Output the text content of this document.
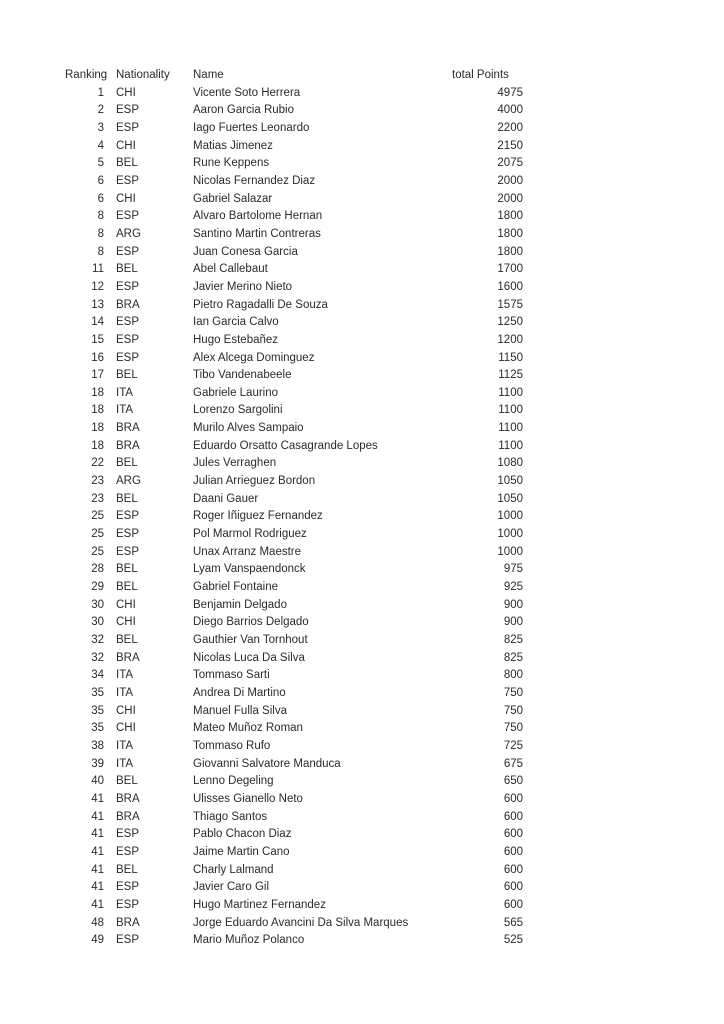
Ranking Nationality	Name	total Points
1	CHI	Vicente Soto Herrera	4975
2	ESP	Aaron Garcia Rubio	4000
3	ESP	Iago Fuertes Leonardo	2200
4	CHI	Matias Jimenez	2150
5	BEL	Rune Keppens	2075
6	ESP	Nicolas Fernandez Diaz	2000
6	CHI	Gabriel Salazar	2000
8	ESP	Alvaro Bartolome Hernan	1800
8	ARG	Santino Martin Contreras	1800
8	ESP	Juan Conesa Garcia	1800
11	BEL	Abel Callebaut	1700
12	ESP	Javier Merino Nieto	1600
13	BRA	Pietro Ragadalli De Souza	1575
14	ESP	Ian Garcia Calvo	1250
15	ESP	Hugo Estebañez	1200
16	ESP	Alex Alcega Dominguez	1150
17	BEL	Tibo Vandenabeele	1125
18	ITA	Gabriele Laurino	1100
18	ITA	Lorenzo Sargolini	1100
18	BRA	Murilo Alves Sampaio	1100
18	BRA	Eduardo Orsatto Casagrande Lopes	1100
22	BEL	Jules Verraghen	1080
23	ARG	Julian Arrieguez Bordon	1050
23	BEL	Daani Gauer	1050
25	ESP	Roger Iñiguez Fernandez	1000
25	ESP	Pol Marmol Rodriguez	1000
25	ESP	Unax Arranz Maestre	1000
28	BEL	Lyam Vanspaendonck	975
29	BEL	Gabriel Fontaine	925
30	CHI	Benjamin Delgado	900
30	CHI	Diego Barrios Delgado	900
32	BEL	Gauthier Van Tornhout	825
32	BRA	Nicolas Luca Da Silva	825
34	ITA	Tommaso Sarti	800
35	ITA	Andrea Di Martino	750
35	CHI	Manuel Fulla Silva	750
35	CHI	Mateo Muñoz Roman	750
38	ITA	Tommaso Rufo	725
39	ITA	Giovanni Salvatore Manduca	675
40	BEL	Lenno Degeling	650
41	BRA	Ulisses Gianello Neto	600
41	BRA	Thiago Santos	600
41	ESP	Pablo Chacon Diaz	600
41	ESP	Jaime Martin Cano	600
41	BEL	Charly Lalmand	600
41	ESP	Javier Caro Gil	600
41	ESP	Hugo Martinez Fernandez	600
48	BRA	Jorge Eduardo Avancini Da Silva Marques	565
49	ESP	Mario Muñoz Polanco	525
